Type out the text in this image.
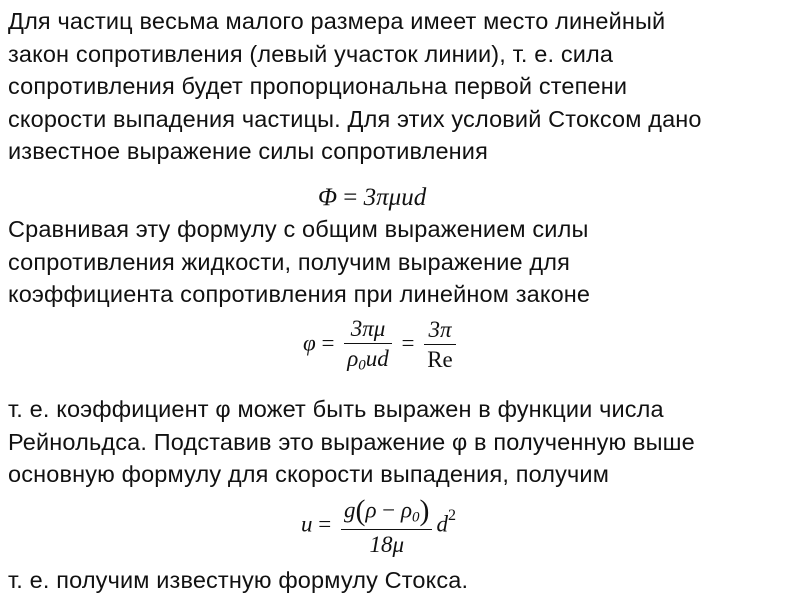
Для частиц весьма малого размера имеет место линейный
закон сопротивления (левый участок линии), т. е. сила
сопротивления будет пропорциональна первой степени
скорости выпадения частицы. Для этих условий Стоксом дано
известное выражение силы сопротивления
Φ = 3πμud
Сравнивая эту формулу с общим выражением силы
сопротивления жидкости, получим выражение для
коэффициента сопротивления при линейном законе
$\varphi = \frac{3\pi\mu}{\rho_0ud} = \frac{3\pi}{Re}$
т. е. коэффициент φ может быть выражен в функции числа
Рейнольдса. Подставив это выражение φ в полученную выше
основную формулу для скорости выпадения, получим
$u = \frac{g(\rho - \rho_0)}{18\mu} d^2$
т. е. получим известную формулу Стокса.
